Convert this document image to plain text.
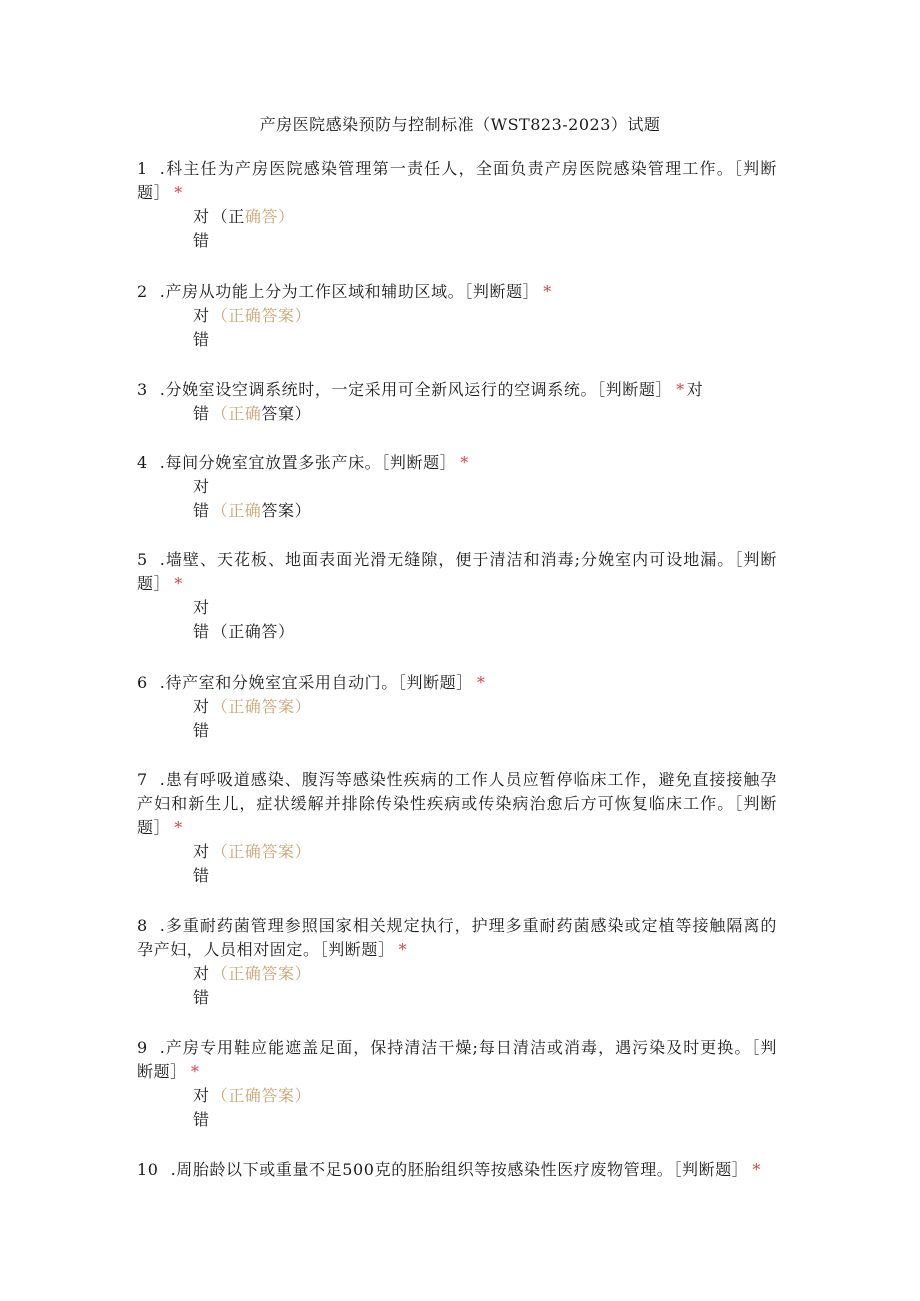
产房医院感染预防与控制标准（WST823-2023）试题
1 .科主任为产房医院感染管理第一责任人，全面负责产房医院感染管理工作。［判断题］ *
对 （正确答）
错
2 .产房从功能上分为工作区域和辅助区域。［判断题］ *
对 （正确答案）
错
3 .分娩室设空调系统时，一定采用可全新风运行的空调系统。［判断题］ * 对
错 （正确答窠）
4 .每间分娩室宜放置多张产床。［判断题］ *
对
错 （正确答案）
5 .墙壁、天花板、地面表面光滑无缝隙，便于清洁和消毒;分娩室内可设地漏。［判断题］ *
对
错 （正确答）
6 .待产室和分娩室宜采用自动门。［判断题］ *
对 （正确答案）
错
7 .患有呼吸道感染、腹泻等感染性疾病的工作人员应暂停临床工作，避免直接接触孕产妇和新生儿，症状缓解并排除传染性疾病或传染病治愈后方可恢复临床工作。［判断题］ *
对 （正确答案）
错
8 .多重耐药菌管理参照国家相关规定执行，护理多重耐药菌感染或定植等接触隔离的孕产妇，人员相对固定。［判断题］ *
对 （正确答案）
错
9 .产房专用鞋应能遮盖足面，保持清洁干燥;每日清洁或消毒，遇污染及时更换。［判断题］ *
对 （正确答案）
错
10 .周胎龄以下或重量不足500克的胚胎组织等按感染性医疗废物管理。［判断题］ *
